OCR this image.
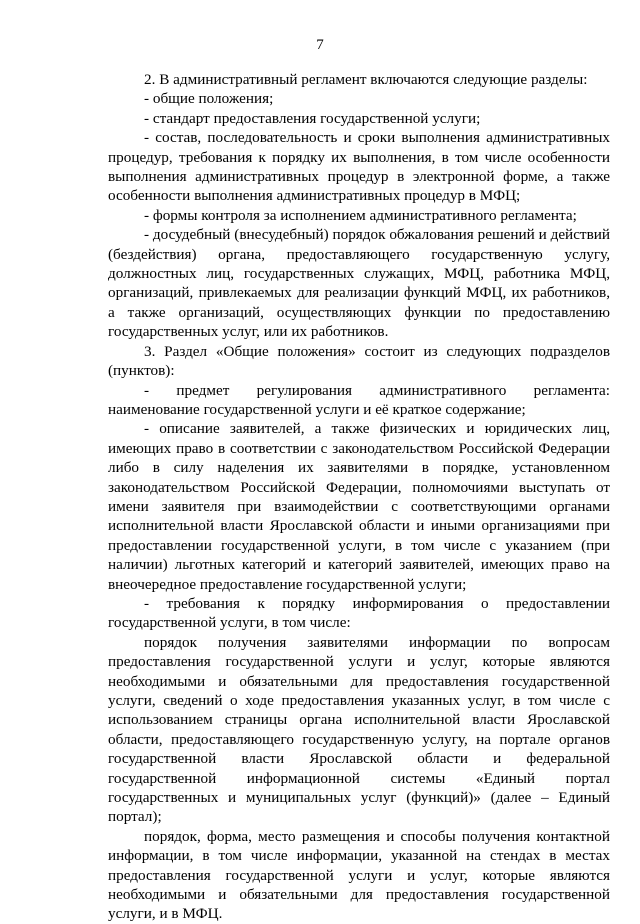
7

2. В административный регламент включаются следующие разделы:

- общие положения;

- стандарт предоставления государственной услуги;

- состав, последовательность и сроки выполнения административных процедур, требования к порядку их выполнения, в том числе особенности выполнения административных процедур в электронной форме, а также особенности выполнения административных процедур в МФЦ;

- формы контроля за исполнением административного регламента;

- досудебный (внесудебный) порядок обжалования решений и действий (бездействия) органа, предоставляющего государственную услугу, должностных лиц, государственных служащих, МФЦ, работника МФЦ, организаций, привлекаемых для реализации функций МФЦ, их работников, а также организаций, осуществляющих функции по предоставлению государственных услуг, или их работников.

3. Раздел «Общие положения» состоит из следующих подразделов (пунктов):

- предмет регулирования административного регламента: наименование государственной услуги и её краткое содержание;

- описание заявителей, а также физических и юридических лиц, имеющих право в соответствии с законодательством Российской Федерации либо в силу наделения их заявителями в порядке, установленном законодательством Российской Федерации, полномочиями выступать от имени заявителя при взаимодействии с соответствующими органами исполнительной власти Ярославской области и иными организациями при предоставлении государственной услуги, в том числе с указанием (при наличии) льготных категорий и категорий заявителей, имеющих право на внеочередное предоставление государственной услуги;

- требования к порядку информирования о предоставлении государственной услуги, в том числе:

порядок получения заявителями информации по вопросам предоставления государственной услуги и услуг, которые являются необходимыми и обязательными для предоставления государственной услуги, сведений о ходе предоставления указанных услуг, в том числе с использованием страницы органа исполнительной власти Ярославской области, предоставляющего государственную услугу, на портале органов государственной власти Ярославской области и федеральной государственной информационной системы «Единый портал государственных и муниципальных услуг (функций)» (далее – Единый портал);

порядок, форма, место размещения и способы получения контактной информации, в том числе информации, указанной на стендах в местах предоставления государственной услуги и услуг, которые являются необходимыми и обязательными для предоставления государственной услуги, и в МФЦ.
